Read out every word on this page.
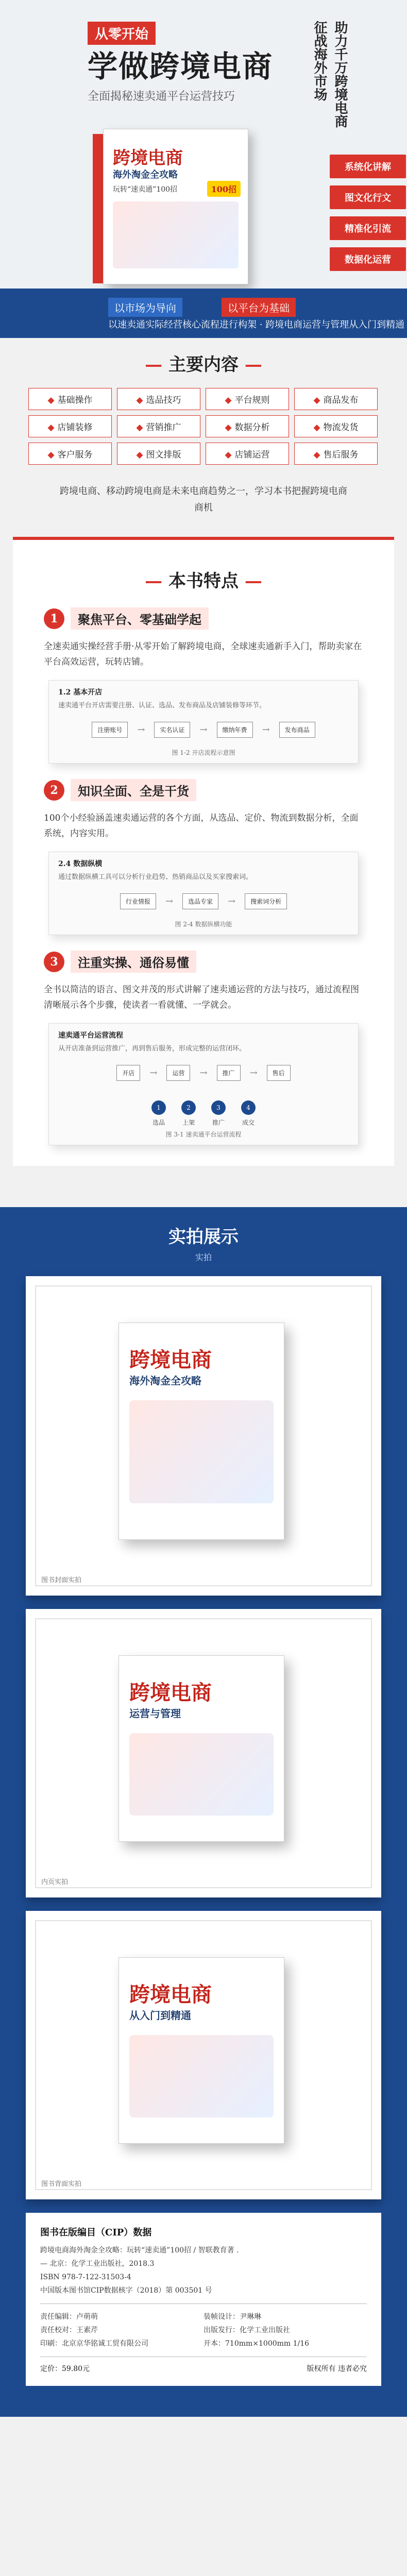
从零开始
学做跨境电商
全面揭秘速卖通平台运营技巧	助力千万跨境电商征战海外市场
跨境电商
海外淘金全攻略
玩转“速卖通”100招	100招
系统化讲解
图文化行文
精准化引流
数据化运营
以市场为导向	以平台为基础
以速卖通实际经营核心流程进行构架 · 跨境电商运营与管理从入门到精通
— 主要内容 —
◆ 基础操作	◆ 选品技巧	◆ 平台规则	◆ 商品发布
◆ 店铺装修	◆ 营销推广	◆ 数据分析	◆ 物流发货
◆ 客户服务	◆ 图文排版	◆ 店铺运营	◆ 售后服务
跨境电商、移动跨境电商是未来电商趋势之一，学习本书把握跨境电商商机
— 本书特点 —
1	聚焦平台、零基础学起
全速卖通实操经营手册·从零开始了解跨境电商，全球速卖通新手入门，帮助卖家在平台高效运营，玩转店铺。
1.2 基本开店
速卖通平台开店需要注册、认证、选品、发布商品及店铺装修等环节。
注册账号	→	实名认证	→	缴纳年费	→	发布商品
图 1-2 开店流程示意图
2	知识全面、全是干货
100个小经验涵盖速卖通运营的各个方面，从选品、定价、物流到数据分析，全面系统，内容实用。
2.4 数据纵横
通过数据纵横工具可以分析行业趋势、热销商品以及买家搜索词。
行业情报	→	选品专家	→	搜索词分析
图 2-4 数据纵横功能
3	注重实操、通俗易懂
全书以简洁的语言、图文并茂的形式讲解了速卖通运营的方法与技巧，通过流程图清晰展示各个步骤，使读者一看就懂、一学就会。
速卖通平台运营流程
从开店准备到运营推广，再到售后服务，形成完整的运营闭环。
开店	→	运营	→	推广	→	售后
1
选品
2
上架
3
推广
4
成交
图 3-1 速卖通平台运营流程
实拍展示
实拍
跨境电商
海外淘金全攻略
图书封面实拍
跨境电商
运营与管理
内页实拍
跨境电商
从入门到精通
图书背面实拍
图书在版编目（CIP）数据
跨境电商海外淘金全攻略：玩转“速卖通”100招 / 智联教育著 .
— 北京：化学工业出版社，2018.3
ISBN 978-7-122-31503-4
中国版本图书馆CIP数据核字（2018）第 003501 号
责任编辑：卢萌萌	装帧设计：尹琳琳
责任校对：王素芹	出版发行：化学工业出版社
印刷：北京京华铭诚工贸有限公司	开本：710mm×1000mm 1/16
定价：59.80元	版权所有 违者必究
